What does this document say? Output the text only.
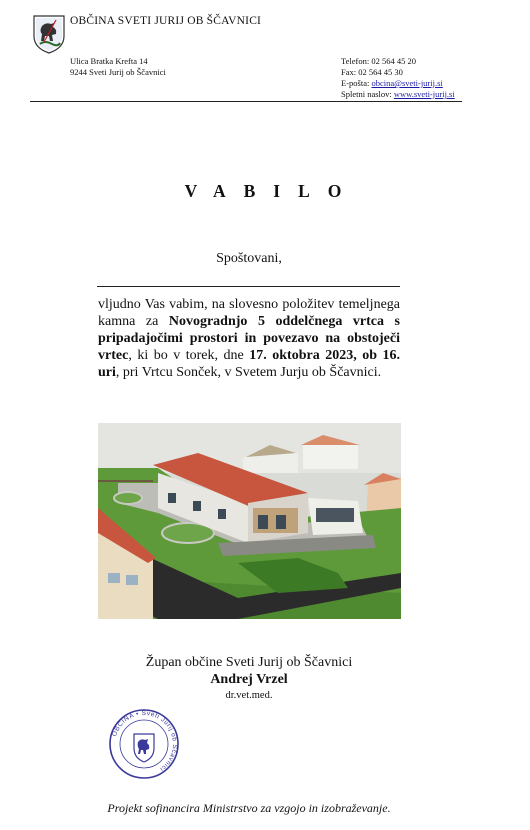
OBČINA SVETI JURIJ OB ŠČAVNICI
Ulica Bratka Krefta 14
9244 Sveti Jurij ob Ščavnici
Telefon: 02 564 45 20
Fax: 02 564 45 30
E-pošta: obcina@sveti-jurij.si
Spletni naslov: www.sveti-jurij.si
VABILO
Spoštovani,
vljudno Vas vabim, na slovesno položitev temeljnega kamna za Novogradnjo 5 oddelčnega vrtca s pripadajočimi prostori in povezavo na obstoječi vrtec, ki bo v torek, dne 17. oktobra 2023, ob 16. uri, pri Vrtcu Sonček, v Svetem Jurju ob Ščavnici.
Župan občine Sveti Jurij ob Ščavnici
Andrej Vrzel
dr.vet.med.
OBČINA • Sveti Jurij ob Ščavnici
Projekt sofinancira Ministrstvo za vzgojo in izobraževanje.
